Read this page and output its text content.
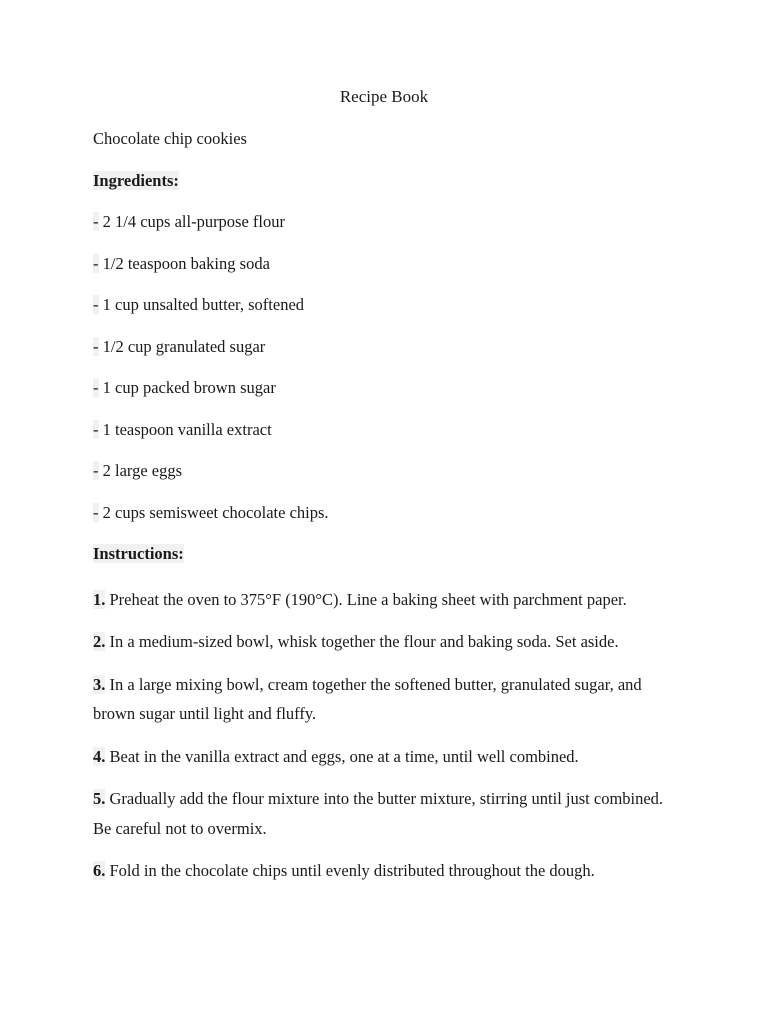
Recipe Book

Chocolate chip cookies

Ingredients:

- 2 1/4 cups all-purpose flour
- 1/2 teaspoon baking soda
- 1 cup unsalted butter, softened
- 1/2 cup granulated sugar
- 1 cup packed brown sugar
- 1 teaspoon vanilla extract
- 2 large eggs
- 2 cups semisweet chocolate chips.

Instructions:

1. Preheat the oven to 375°F (190°C). Line a baking sheet with parchment paper.
2. In a medium-sized bowl, whisk together the flour and baking soda. Set aside.
3. In a large mixing bowl, cream together the softened butter, granulated sugar, and brown sugar until light and fluffy.
4. Beat in the vanilla extract and eggs, one at a time, until well combined.
5. Gradually add the flour mixture into the butter mixture, stirring until just combined. Be careful not to overmix.
6. Fold in the chocolate chips until evenly distributed throughout the dough.
